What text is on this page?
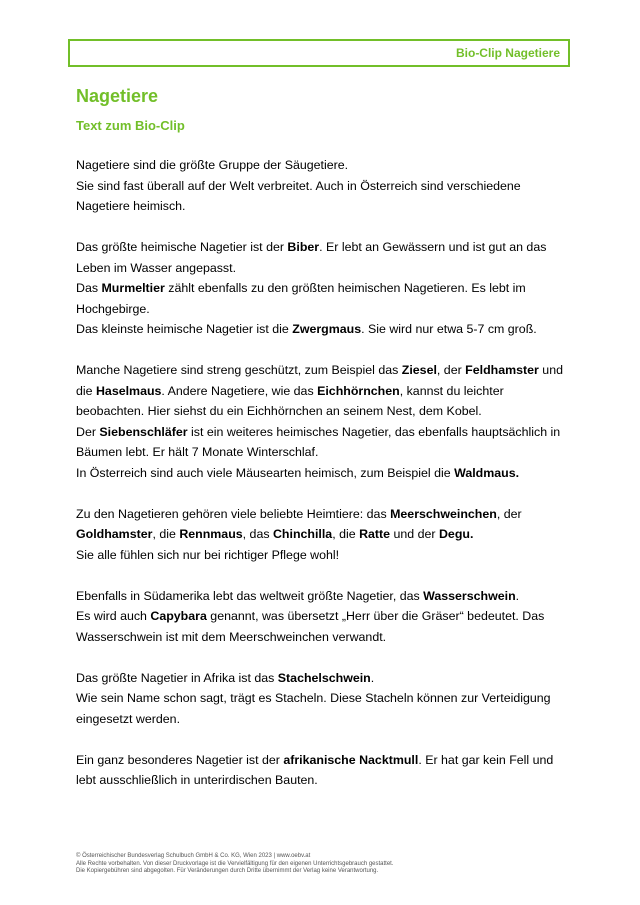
Bio-Clip Nagetiere
Nagetiere
Text zum Bio-Clip

Nagetiere sind die größte Gruppe der Säugetiere.
Sie sind fast überall auf der Welt verbreitet. Auch in Österreich sind verschiedene Nagetiere heimisch.

Das größte heimische Nagetier ist der Biber. Er lebt an Gewässern und ist gut an das Leben im Wasser angepasst.
Das Murmeltier zählt ebenfalls zu den größten heimischen Nagetieren. Es lebt im Hochgebirge.
Das kleinste heimische Nagetier ist die Zwergmaus. Sie wird nur etwa 5-7 cm groß.

Manche Nagetiere sind streng geschützt, zum Beispiel das Ziesel, der Feldhamster und die Haselmaus. Andere Nagetiere, wie das Eichhörnchen, kannst du leichter beobachten. Hier siehst du ein Eichhörnchen an seinem Nest, dem Kobel.
Der Siebenschläfer ist ein weiteres heimisches Nagetier, das ebenfalls hauptsächlich in Bäumen lebt. Er hält 7 Monate Winterschlaf.
In Österreich sind auch viele Mäusearten heimisch, zum Beispiel die Waldmaus.

Zu den Nagetieren gehören viele beliebte Heimtiere: das Meerschweinchen, der Goldhamster, die Rennmaus, das Chinchilla, die Ratte und der Degu.
Sie alle fühlen sich nur bei richtiger Pflege wohl!

Ebenfalls in Südamerika lebt das weltweit größte Nagetier, das Wasserschwein.
Es wird auch Capybara genannt, was übersetzt „Herr über die Gräser“ bedeutet. Das Wasserschwein ist mit dem Meerschweinchen verwandt.

Das größte Nagetier in Afrika ist das Stachelschwein.
Wie sein Name schon sagt, trägt es Stacheln. Diese Stacheln können zur Verteidigung eingesetzt werden.

Ein ganz besonderes Nagetier ist der afrikanische Nacktmull. Er hat gar kein Fell und lebt ausschließlich in unterirdischen Bauten.

© Österreichischer Bundesverlag Schulbuch GmbH & Co. KG, Wien 2023 | www.oebv.at
Alle Rechte vorbehalten. Von dieser Druckvorlage ist die Vervielfältigung für den eigenen Unterrichtsgebrauch gestattet.
Die Kopiergebühren sind abgegolten. Für Veränderungen durch Dritte übernimmt der Verlag keine Verantwortung.
